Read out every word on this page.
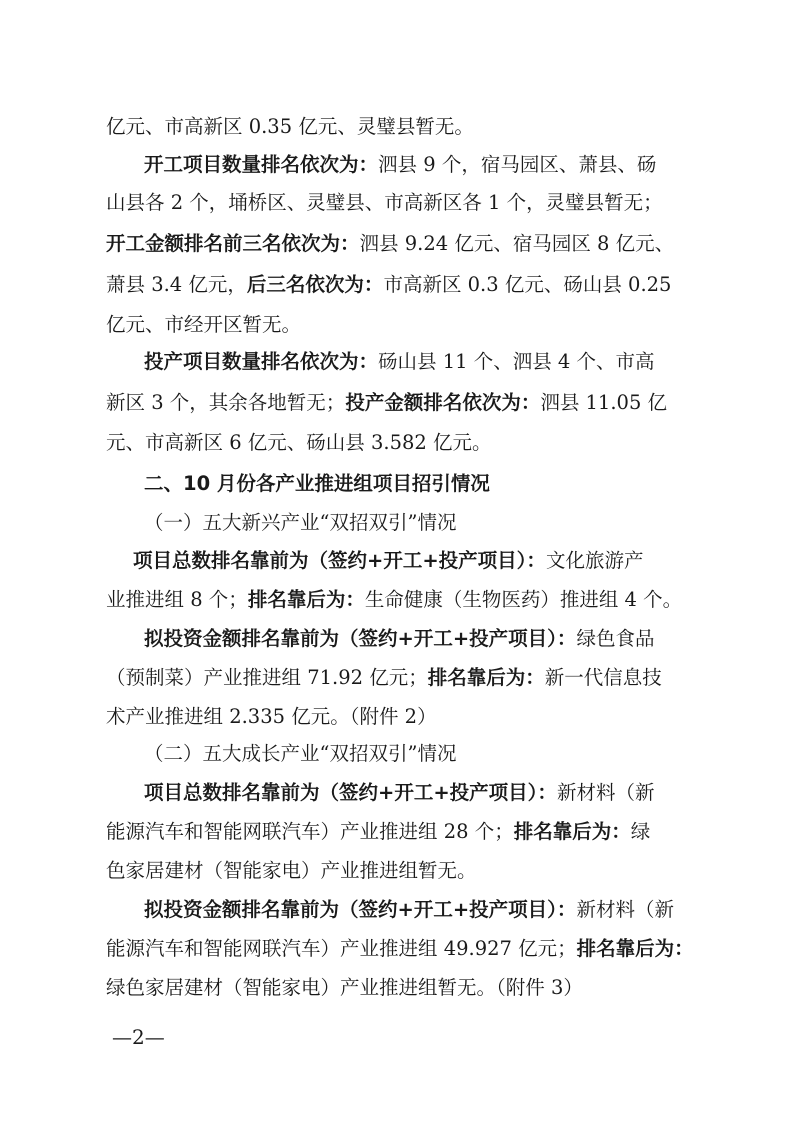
亿元、市高新区 0.35 亿元、灵璧县暂无。
开工项目数量排名依次为：泗县 9 个，宿马园区、萧县、砀
山县各 2 个，埇桥区、灵璧县、市高新区各 1 个，灵璧县暂无；
开工金额排名前三名依次为：泗县 9.24 亿元、宿马园区 8 亿元、
萧县 3.4 亿元，后三名依次为：市高新区 0.3 亿元、砀山县 0.25
亿元、市经开区暂无。
投产项目数量排名依次为：砀山县 11 个、泗县 4 个、市高
新区 3 个，其余各地暂无；投产金额排名依次为：泗县 11.05 亿
元、市高新区 6 亿元、砀山县 3.582 亿元。
二、10 月份各产业推进组项目招引情况
（一）五大新兴产业“双招双引”情况
项目总数排名靠前为（签约+开工+投产项目）：文化旅游产
业推进组 8 个；排名靠后为：生命健康（生物医药）推进组 4 个。
拟投资金额排名靠前为（签约+开工+投产项目）：绿色食品
（预制菜）产业推进组 71.92 亿元；排名靠后为：新一代信息技
术产业推进组 2.335 亿元。（附件 2）
（二）五大成长产业“双招双引”情况
项目总数排名靠前为（签约+开工+投产项目）：新材料（新
能源汽车和智能网联汽车）产业推进组 28 个；排名靠后为：绿
色家居建材（智能家电）产业推进组暂无。
拟投资金额排名靠前为（签约+开工+投产项目）：新材料（新
能源汽车和智能网联汽车）产业推进组 49.927 亿元；排名靠后为：
绿色家居建材（智能家电）产业推进组暂无。（附件 3）
—2—
